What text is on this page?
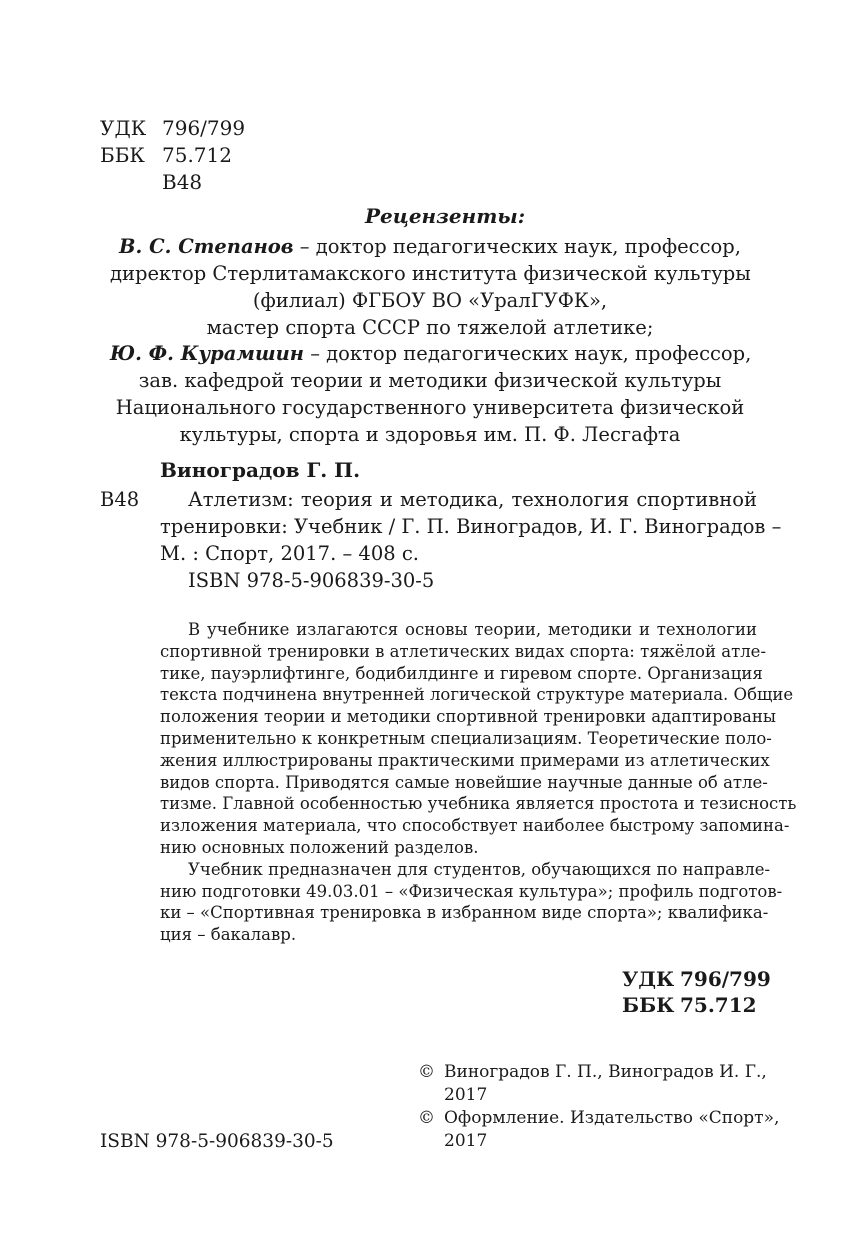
УДК 796/799
ББК 75.712
В48
Рецензенты:
В. С. Степанов – доктор педагогических наук, профессор,
директор Стерлитамакского института физической культуры
(филиал) ФГБОУ ВО «УралГУФК»,
мастер спорта СССР по тяжелой атлетике;
Ю. Ф. Курамшин – доктор педагогических наук, профессор,
зав. кафедрой теории и методики физической культуры
Национального государственного университета физической
культуры, спорта и здоровья им. П. Ф. Лесгафта
Виноградов Г. П.
В48	Атлетизм: теория и методика, технология спортивной
тренировки: Учебник / Г. П. Виноградов, И. Г. Виноградов –
М. : Спорт, 2017. – 408 с.
ISBN 978-5-906839-30-5
В учебнике излагаются основы теории, методики и технологии
спортивной тренировки в атлетических видах спорта: тяжёлой атле-
тике, пауэрлифтинге, бодибилдинге и гиревом спорте. Организация
текста подчинена внутренней логической структуре материала. Общие
положения теории и методики спортивной тренировки адаптированы
применительно к конкретным специализациям. Теоретические поло-
жения иллюстрированы практическими примерами из атлетических
видов спорта. Приводятся самые новейшие научные данные об атле-
тизме. Главной особенностью учебника является простота и тезисность
изложения материала, что способствует наиболее быстрому запомина-
нию основных положений разделов.
Учебник предназначен для студентов, обучающихся по направле-
нию подготовки 49.03.01 – «Физическая культура»; профиль подготов-
ки – «Спортивная тренировка в избранном виде спорта»; квалифика-
ция – бакалавр.
УДК 796/799
ББК 75.712
© Виноградов Г. П., Виноградов И. Г.,
2017
© Оформление. Издательство «Спорт»,
2017
ISBN 978-5-906839-30-5
